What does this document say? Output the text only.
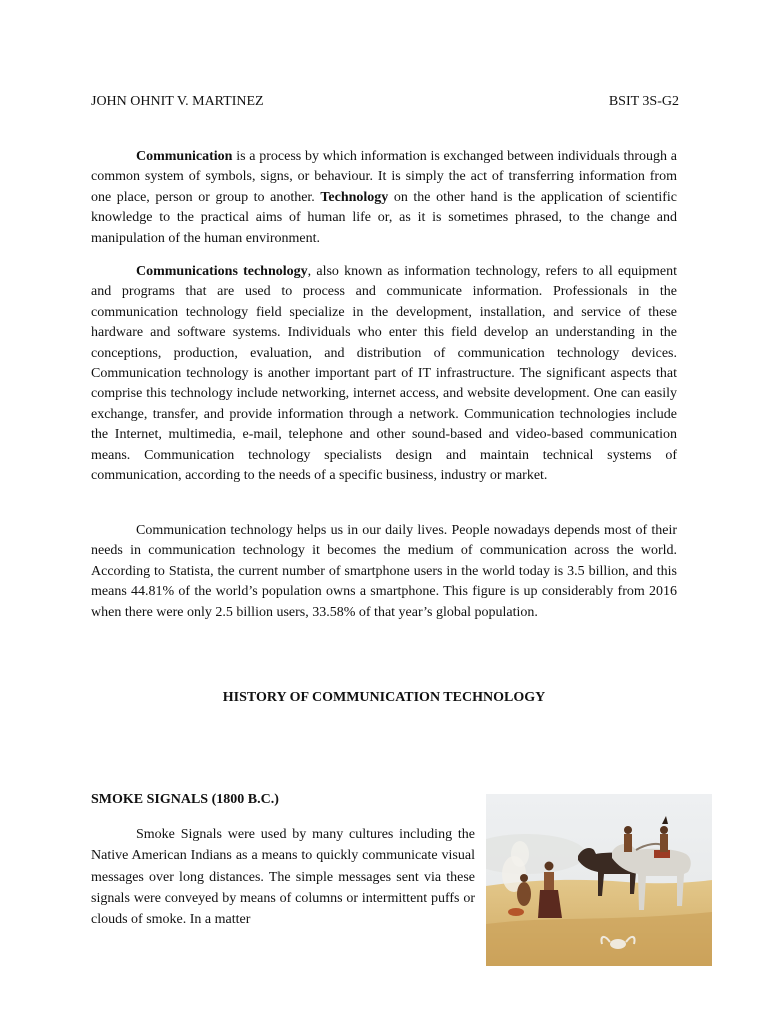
JOHN OHNIT V. MARTINEZ	BSIT 3S-G2

Communication is a process by which information is exchanged between individuals through a common system of symbols, signs, or behaviour. It is simply the act of transferring information from one place, person or group to another. Technology on the other hand is the application of scientific knowledge to the practical aims of human life or, as it is sometimes phrased, to the change and manipulation of the human environment.

Communications technology, also known as information technology, refers to all equipment and programs that are used to process and communicate information. Professionals in the communication technology field specialize in the development, installation, and service of these hardware and software systems. Individuals who enter this field develop an understanding in the conceptions, production, evaluation, and distribution of communication technology devices. Communication technology is another important part of IT infrastructure. The significant aspects that comprise this technology include networking, internet access, and website development. One can easily exchange, transfer, and provide information through a network. Communication technologies include the Internet, multimedia, e-mail, telephone and other sound-based and video-based communication means. Communication technology specialists design and maintain technical systems of communication, according to the needs of a specific business, industry or market.

Communication technology helps us in our daily lives. People nowadays depends most of their needs in communication technology it becomes the medium of communication across the world. According to Statista, the current number of smartphone users in the world today is 3.5 billion, and this means 44.81% of the world’s population owns a smartphone. This figure is up considerably from 2016 when there were only 2.5 billion users, 33.58% of that year’s global population.

HISTORY OF COMMUNICATION TECHNOLOGY
SMOKE SIGNALS (1800 B.C.)

Smoke Signals were used by many cultures including the Native American Indians as a means to quickly communicate visual messages over long distances. The simple messages sent via these signals were conveyed by means of columns or intermittent puffs or clouds of smoke. In a matter
